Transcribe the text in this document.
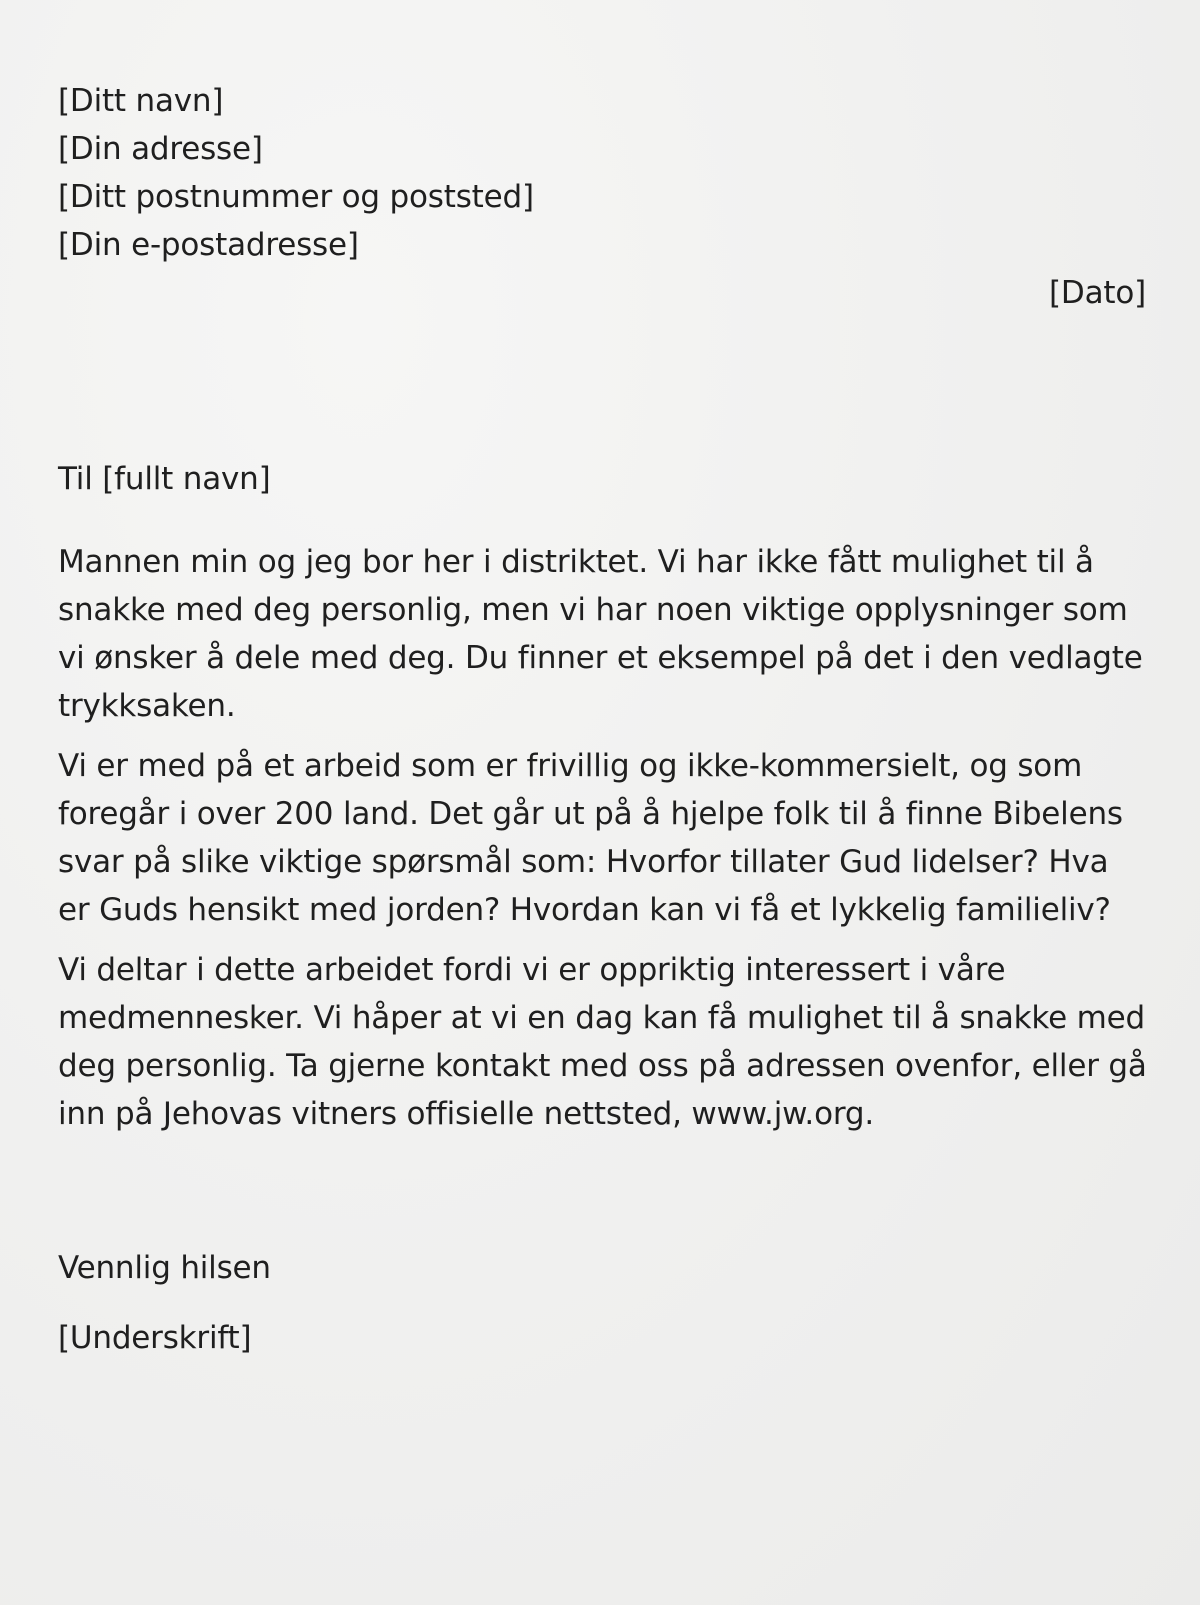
[Ditt navn]
[Din adresse]
[Ditt postnummer og poststed]
[Din e-postadresse]
[Dato]
Til [fullt navn]

Mannen min og jeg bor her i distriktet. Vi har ikke fått mulighet til å snakke med deg personlig, men vi har noen viktige opplysninger som vi ønsker å dele med deg. Du finner et eksempel på det i den vedlagte trykksaken.

Vi er med på et arbeid som er frivillig og ikke-kommersielt, og som foregår i over 200 land. Det går ut på å hjelpe folk til å finne Bibelens svar på slike viktige spørsmål som: Hvorfor tillater Gud lidelser? Hva er Guds hensikt med jorden? Hvordan kan vi få et lykkelig familieliv?

Vi deltar i dette arbeidet fordi vi er oppriktig interessert i våre medmennesker. Vi håper at vi en dag kan få mulighet til å snakke med deg personlig. Ta gjerne kontakt med oss på adressen ovenfor, eller gå inn på Jehovas vitners offisielle nettsted, www.jw.org.

Vennlig hilsen
[Underskrift]
